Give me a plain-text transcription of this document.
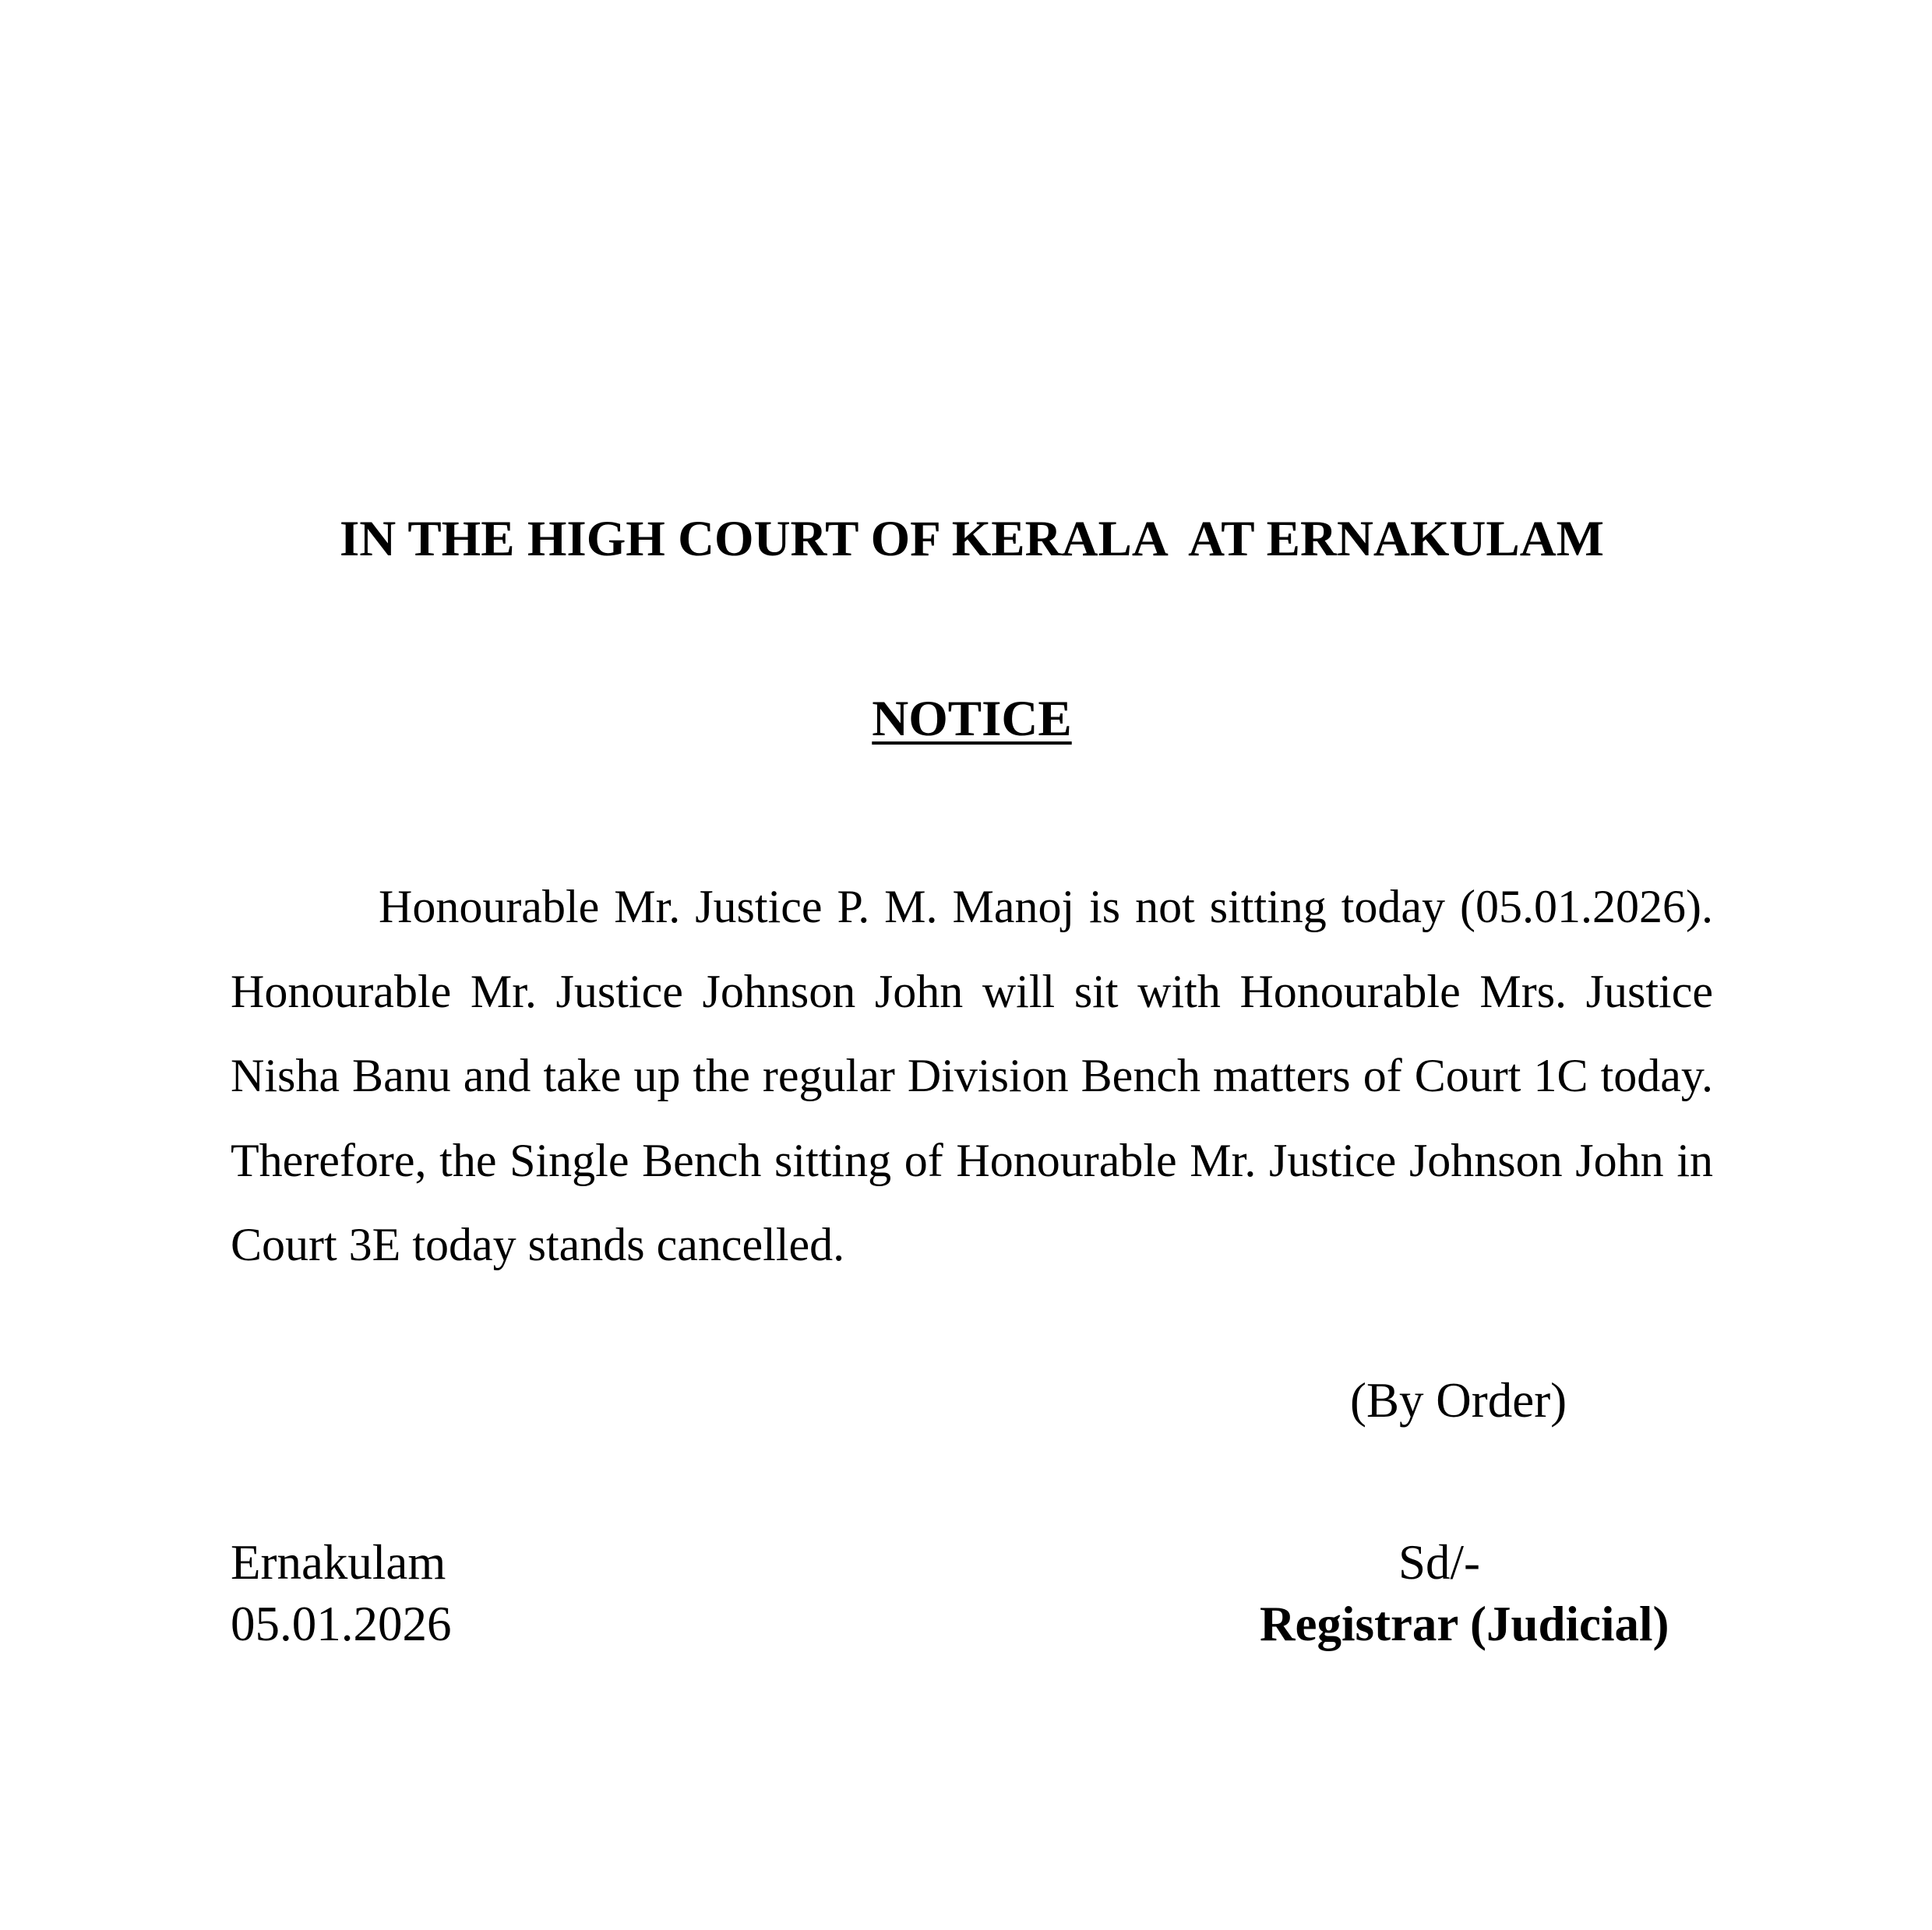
IN THE HIGH COURT OF KERALA  AT ERNAKULAM
NOTICE

Honourable Mr. Justice P. M. Manoj is not sitting today (05.01.2026). Honourable Mr. Justice Johnson John will sit with Honourable Mrs. Justice Nisha Banu and take up the regular Division Bench matters of Court 1C today. Therefore, the Single Bench sitting of Honourable Mr. Justice Johnson John in Court 3E today stands cancelled.

(By Order)
Ernakulam
05.01.2026
Sd/-
Registrar (Judicial)
